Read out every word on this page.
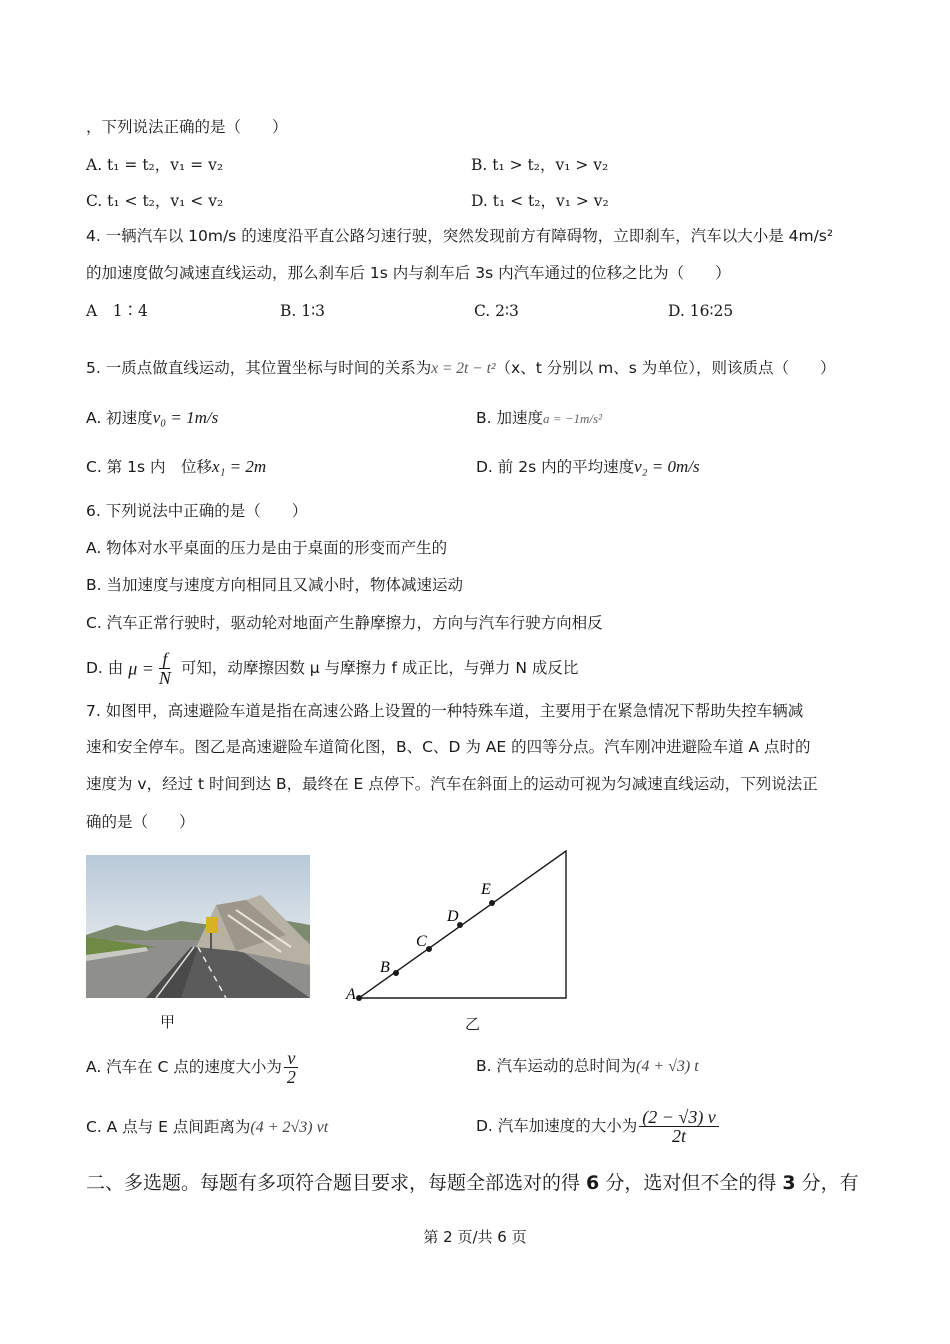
，下列说法正确的是（　　）
A. t₁ = t₂，v₁ = v₂	B. t₁ > t₂，v₁ > v₂
C. t₁ < t₂，v₁ < v₂	D. t₁ < t₂，v₁ > v₂
4. 一辆汽车以 10m/s 的速度沿平直公路匀速行驶，突然发现前方有障碍物，立即刹车，汽车以大小是 4m/s²
的加速度做匀减速直线运动，那么刹车后 1s 内与刹车后 3s 内汽车通过的位移之比为（　　）
A　1∶4	B. 1∶3	C. 2∶3	D. 16∶25
5. 一质点做直线运动，其位置坐标与时间的关系为x = 2t − t²（x、t 分别以 m、s 为单位），则该质点（　　）
A. 初速度v₀ = 1m/s	B. 加速度a = −1m/s²
C. 第 1s 内　位移x₁ = 2m	D. 前 2s 内的平均速度v₂ = 0m/s
6. 下列说法中正确的是（　　）
A. 物体对水平桌面的压力是由于桌面的形变而产生的
B. 当加速度与速度方向相同且又减小时，物体减速运动
C. 汽车正常行驶时，驱动轮对地面产生静摩擦力，方向与汽车行驶方向相反
D. 由 $\mu = \frac{f}{N}$ 可知，动摩擦因数 μ 与摩擦力 f 成正比，与弹力 N 成反比
7. 如图甲，高速避险车道是指在高速公路上设置的一种特殊车道，主要用于在紧急情况下帮助失控车辆减
速和安全停车。图乙是高速避险车道简化图，B、C、D 为 AE 的四等分点。汽车刚冲进避险车道 A 点时的
速度为 v，经过 t 时间到达 B，最终在 E 点停下。汽车在斜面上的运动可视为匀减速直线运动，下列说法正
确的是（　　）
甲
A
B
C
D
E
乙
A. 汽车在 C 点的速度大小为 $\frac{v}{2}$	B. 汽车运动的总时间为(4 + √3) t
C. A 点与 E 点间距离为(4 + 2√3) vt	D. 汽车加速度的大小为 $\frac{(2 - √3) v}{2t}$
二、多选题。每题有多项符合题目要求，每题全部选对的得 6 分，选对但不全的得 3 分，有
第 2 页/共 6 页
